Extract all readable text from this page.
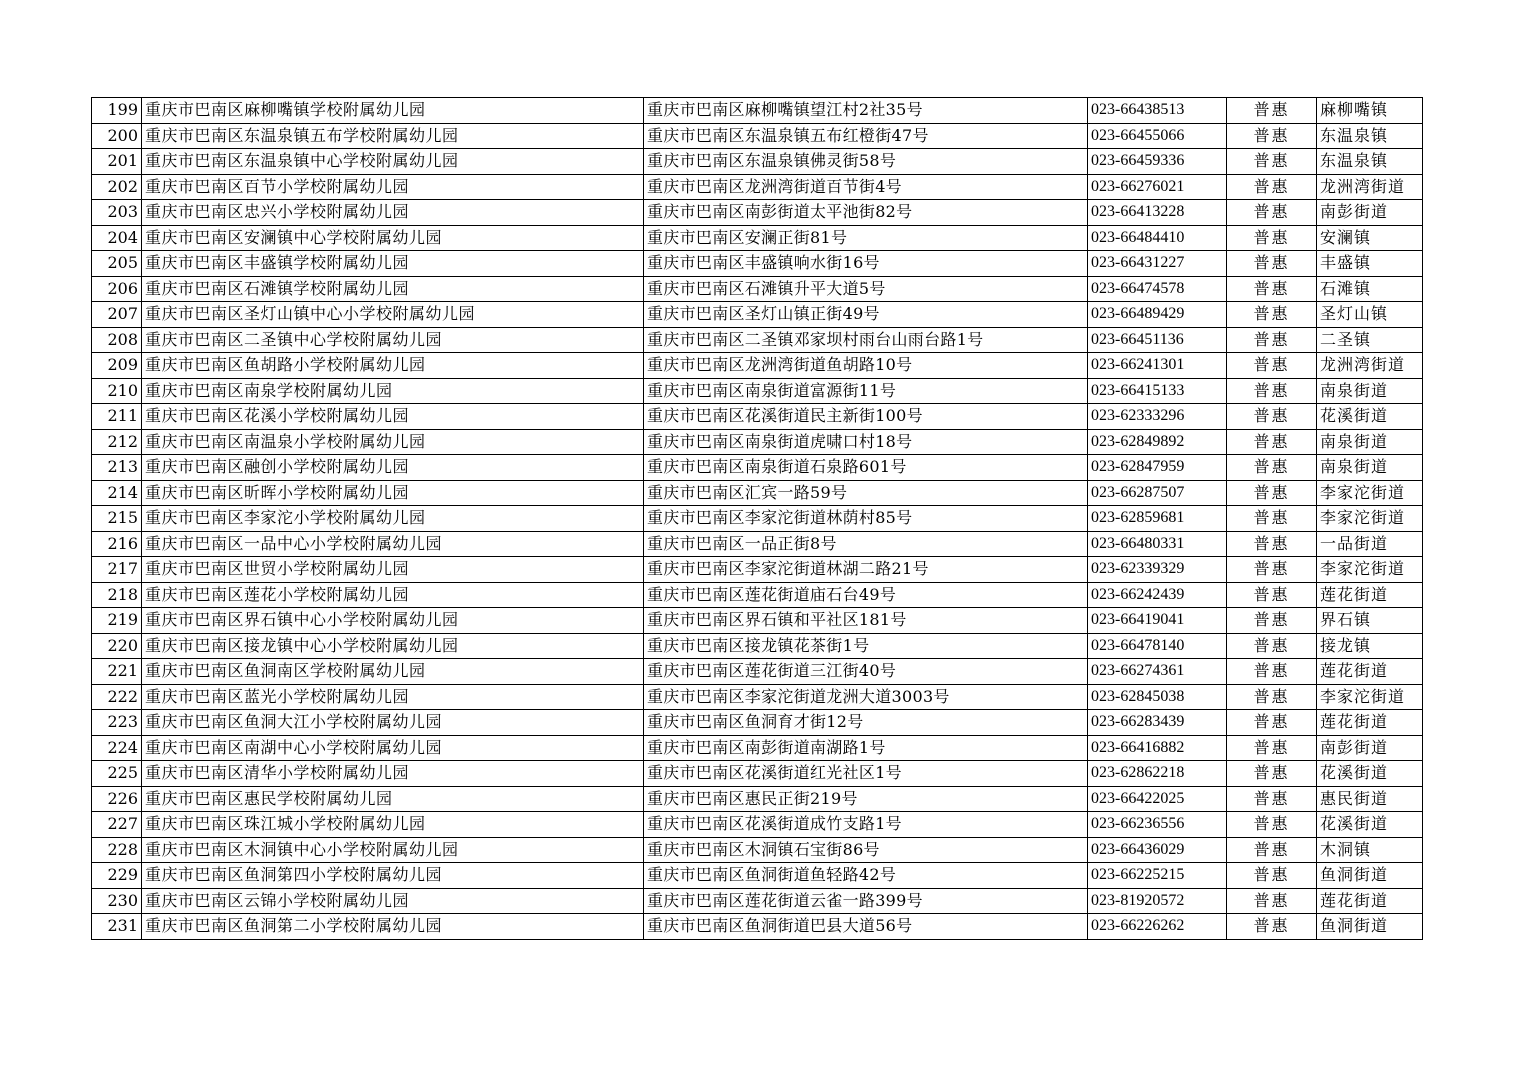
199	重庆市巴南区麻柳嘴镇学校附属幼儿园	重庆市巴南区麻柳嘴镇望江村2社35号	023-66438513	普惠	麻柳嘴镇
200	重庆市巴南区东温泉镇五布学校附属幼儿园	重庆市巴南区东温泉镇五布红橙街47号	023-66455066	普惠	东温泉镇
201	重庆市巴南区东温泉镇中心学校附属幼儿园	重庆市巴南区东温泉镇佛灵街58号	023-66459336	普惠	东温泉镇
202	重庆市巴南区百节小学校附属幼儿园	重庆市巴南区龙洲湾街道百节街4号	023-66276021	普惠	龙洲湾街道
203	重庆市巴南区忠兴小学校附属幼儿园	重庆市巴南区南彭街道太平池街82号	023-66413228	普惠	南彭街道
204	重庆市巴南区安澜镇中心学校附属幼儿园	重庆市巴南区安澜正街81号	023-66484410	普惠	安澜镇
205	重庆市巴南区丰盛镇学校附属幼儿园	重庆市巴南区丰盛镇响水街16号	023-66431227	普惠	丰盛镇
206	重庆市巴南区石滩镇学校附属幼儿园	重庆市巴南区石滩镇升平大道5号	023-66474578	普惠	石滩镇
207	重庆市巴南区圣灯山镇中心小学校附属幼儿园	重庆市巴南区圣灯山镇正街49号	023-66489429	普惠	圣灯山镇
208	重庆市巴南区二圣镇中心学校附属幼儿园	重庆市巴南区二圣镇邓家坝村雨台山雨台路1号	023-66451136	普惠	二圣镇
209	重庆市巴南区鱼胡路小学校附属幼儿园	重庆市巴南区龙洲湾街道鱼胡路10号	023-66241301	普惠	龙洲湾街道
210	重庆市巴南区南泉学校附属幼儿园	重庆市巴南区南泉街道富源街11号	023-66415133	普惠	南泉街道
211	重庆市巴南区花溪小学校附属幼儿园	重庆市巴南区花溪街道民主新街100号	023-62333296	普惠	花溪街道
212	重庆市巴南区南温泉小学校附属幼儿园	重庆市巴南区南泉街道虎啸口村18号	023-62849892	普惠	南泉街道
213	重庆市巴南区融创小学校附属幼儿园	重庆市巴南区南泉街道石泉路601号	023-62847959	普惠	南泉街道
214	重庆市巴南区昕晖小学校附属幼儿园	重庆市巴南区汇宾一路59号	023-66287507	普惠	李家沱街道
215	重庆市巴南区李家沱小学校附属幼儿园	重庆市巴南区李家沱街道林荫村85号	023-62859681	普惠	李家沱街道
216	重庆市巴南区一品中心小学校附属幼儿园	重庆市巴南区一品正街8号	023-66480331	普惠	一品街道
217	重庆市巴南区世贸小学校附属幼儿园	重庆市巴南区李家沱街道林湖二路21号	023-62339329	普惠	李家沱街道
218	重庆市巴南区莲花小学校附属幼儿园	重庆市巴南区莲花街道庙石台49号	023-66242439	普惠	莲花街道
219	重庆市巴南区界石镇中心小学校附属幼儿园	重庆市巴南区界石镇和平社区181号	023-66419041	普惠	界石镇
220	重庆市巴南区接龙镇中心小学校附属幼儿园	重庆市巴南区接龙镇花茶街1号	023-66478140	普惠	接龙镇
221	重庆市巴南区鱼洞南区学校附属幼儿园	重庆市巴南区莲花街道三江街40号	023-66274361	普惠	莲花街道
222	重庆市巴南区蓝光小学校附属幼儿园	重庆市巴南区李家沱街道龙洲大道3003号	023-62845038	普惠	李家沱街道
223	重庆市巴南区鱼洞大江小学校附属幼儿园	重庆市巴南区鱼洞育才街12号	023-66283439	普惠	莲花街道
224	重庆市巴南区南湖中心小学校附属幼儿园	重庆市巴南区南彭街道南湖路1号	023-66416882	普惠	南彭街道
225	重庆市巴南区清华小学校附属幼儿园	重庆市巴南区花溪街道红光社区1号	023-62862218	普惠	花溪街道
226	重庆市巴南区惠民学校附属幼儿园	重庆市巴南区惠民正街219号	023-66422025	普惠	惠民街道
227	重庆市巴南区珠江城小学校附属幼儿园	重庆市巴南区花溪街道成竹支路1号	023-66236556	普惠	花溪街道
228	重庆市巴南区木洞镇中心小学校附属幼儿园	重庆市巴南区木洞镇石宝街86号	023-66436029	普惠	木洞镇
229	重庆市巴南区鱼洞第四小学校附属幼儿园	重庆市巴南区鱼洞街道鱼轻路42号	023-66225215	普惠	鱼洞街道
230	重庆市巴南区云锦小学校附属幼儿园	重庆市巴南区莲花街道云雀一路399号	023-81920572	普惠	莲花街道
231	重庆市巴南区鱼洞第二小学校附属幼儿园	重庆市巴南区鱼洞街道巴县大道56号	023-66226262	普惠	鱼洞街道
